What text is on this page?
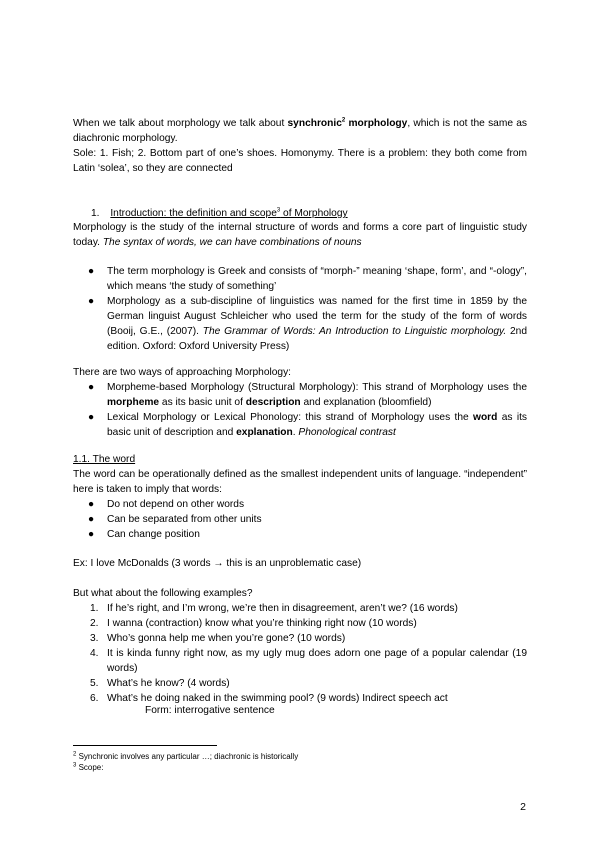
When we talk about morphology we talk about synchronic$^2$ morphology, which is not the same as diachronic morphology.

Sole: 1. Fish; 2. Bottom part of one’s shoes. Homonymy. There is a problem: they both come from Latin ‘solea’, so they are connected

1. Introduction: the definition and scope$^3$ of Morphology
Morphology is the study of the internal structure of words and forms a core part of linguistic study today. The syntax of words, we can have combinations of nouns
● The term morphology is Greek and consists of “morph-” meaning ‘shape, form’, and “-ology”, which means ‘the study of something’
● Morphology as a sub-discipline of linguistics was named for the first time in 1859 by the German linguist August Schleicher who used the term for the study of the form of words (Booij, G.E., (2007). The Grammar of Words: An Introduction to Linguistic morphology. 2nd edition. Oxford: Oxford University Press)
There are two ways of approaching Morphology:
● Morpheme-based Morphology (Structural Morphology): This strand of Morphology uses the morpheme as its basic unit of description and explanation (bloomfield)
● Lexical Morphology or Lexical Phonology: this strand of Morphology uses the word as its basic unit of description and explanation. Phonological contrast
1.1. The word
The word can be operationally defined as the smallest independent units of language. “independent” here is taken to imply that words:
● Do not depend on other words
● Can be separated from other units
● Can change position
Ex: I love McDonalds (3 words → this is an unproblematic case)
But what about the following examples?
1. If he’s right, and I’m wrong, we’re then in disagreement, aren’t we? (16 words)
2. I wanna (contraction) know what you’re thinking right now (10 words)
3. Who’s gonna help me when you’re gone? (10 words)
4. It is kinda funny right now, as my ugly mug does adorn one page of a popular calendar (19 words)
5. What’s he know? (4 words)
6. What’s he doing naked in the swimming pool? (9 words) Indirect speech act
Form: interrogative sentence
$^2$ Synchronic involves any particular …; diachronic is historically
$^3$ Scope:
2
